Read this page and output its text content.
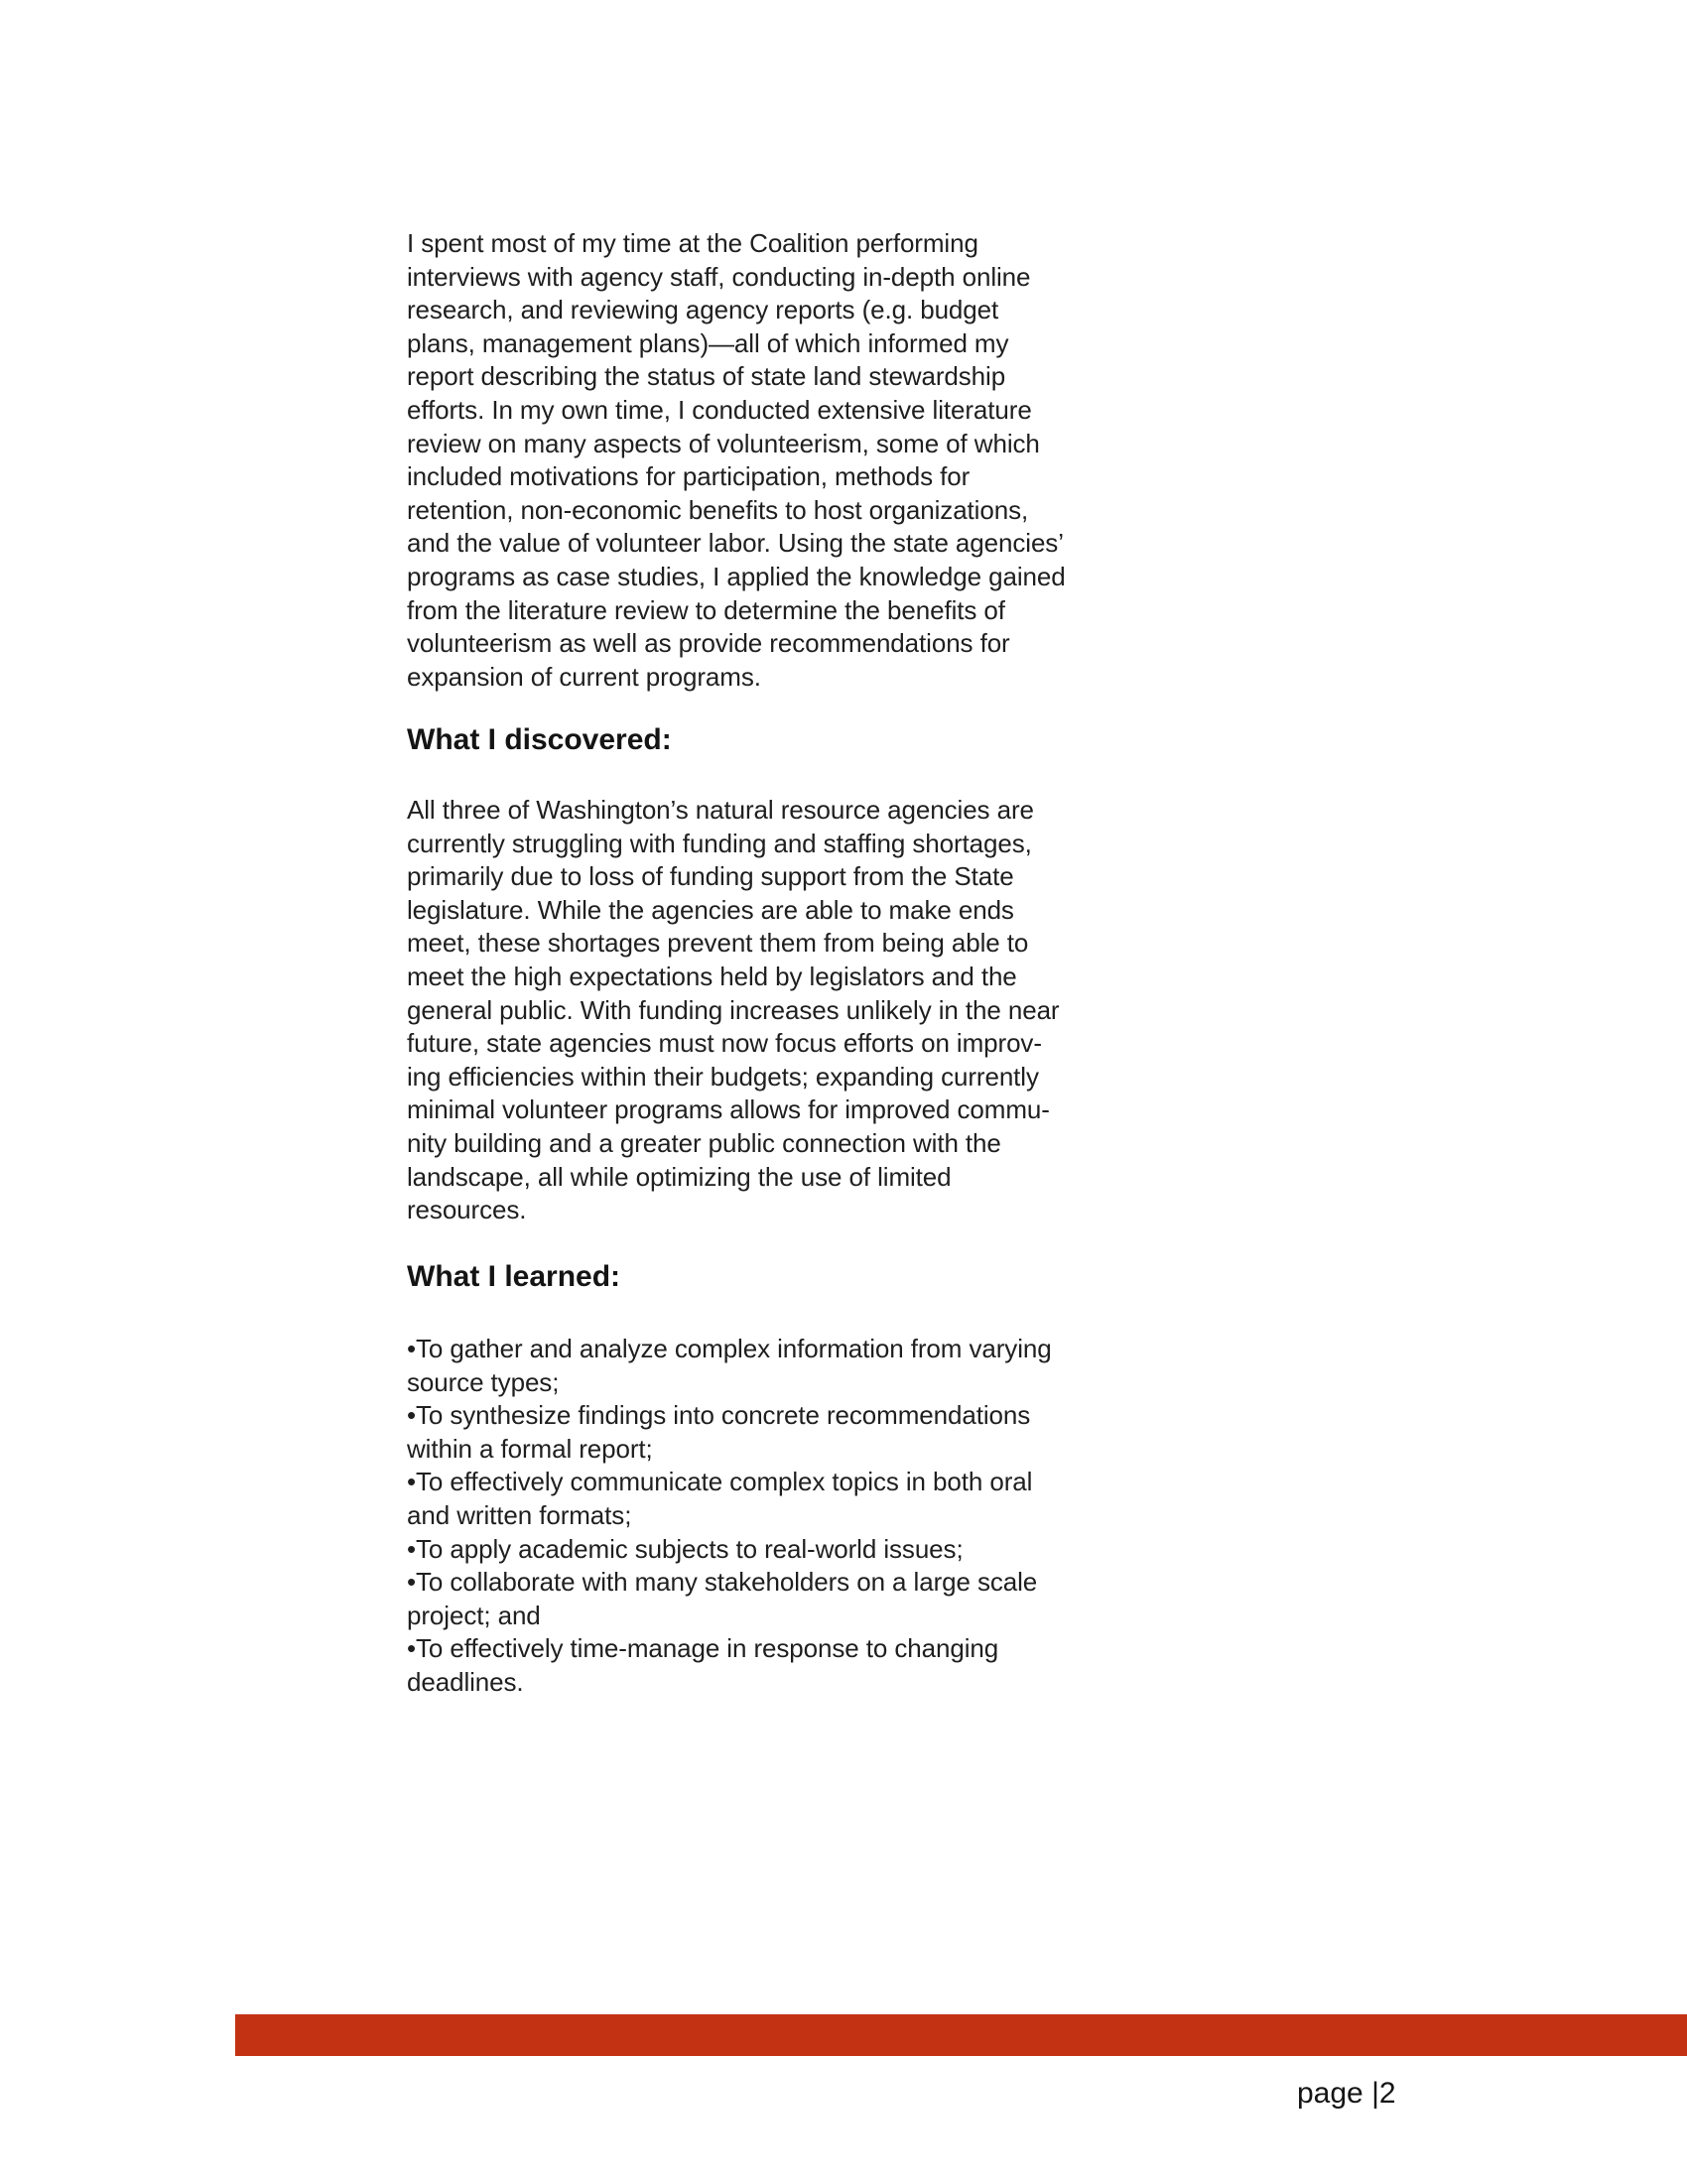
I spent most of my time at the Coalition performing
interviews with agency staff, conducting in-depth online
research, and reviewing agency reports (e.g. budget
plans, management plans)—all of which informed my
report describing the status of state land stewardship
efforts. In my own time, I conducted extensive literature
review on many aspects of volunteerism, some of which
included motivations for participation, methods for
retention, non-economic benefits to host organizations,
and the value of volunteer labor. Using the state agencies’
programs as case studies, I applied the knowledge gained
from the literature review to determine the benefits of
volunteerism as well as provide recommendations for
expansion of current programs.
What I discovered:
All three of Washington’s natural resource agencies are
currently struggling with funding and staffing shortages,
primarily due to loss of funding support from the State
legislature. While the agencies are able to make ends
meet, these shortages prevent them from being able to
meet the high expectations held by legislators and the
general public. With funding increases unlikely in the near
future, state agencies must now focus efforts on improv-
ing efficiencies within their budgets; expanding currently
minimal volunteer programs allows for improved commu-
nity building and a greater public connection with the
landscape, all while optimizing the use of limited
resources.
What I learned:
•To gather and analyze complex information from varying
source types;
•To synthesize findings into concrete recommendations
within a formal report;
•To effectively communicate complex topics in both oral
and written formats;
•To apply academic subjects to real-world issues;
•To collaborate with many stakeholders on a large scale
project; and
•To effectively time-manage in response to changing
deadlines.
page |2
